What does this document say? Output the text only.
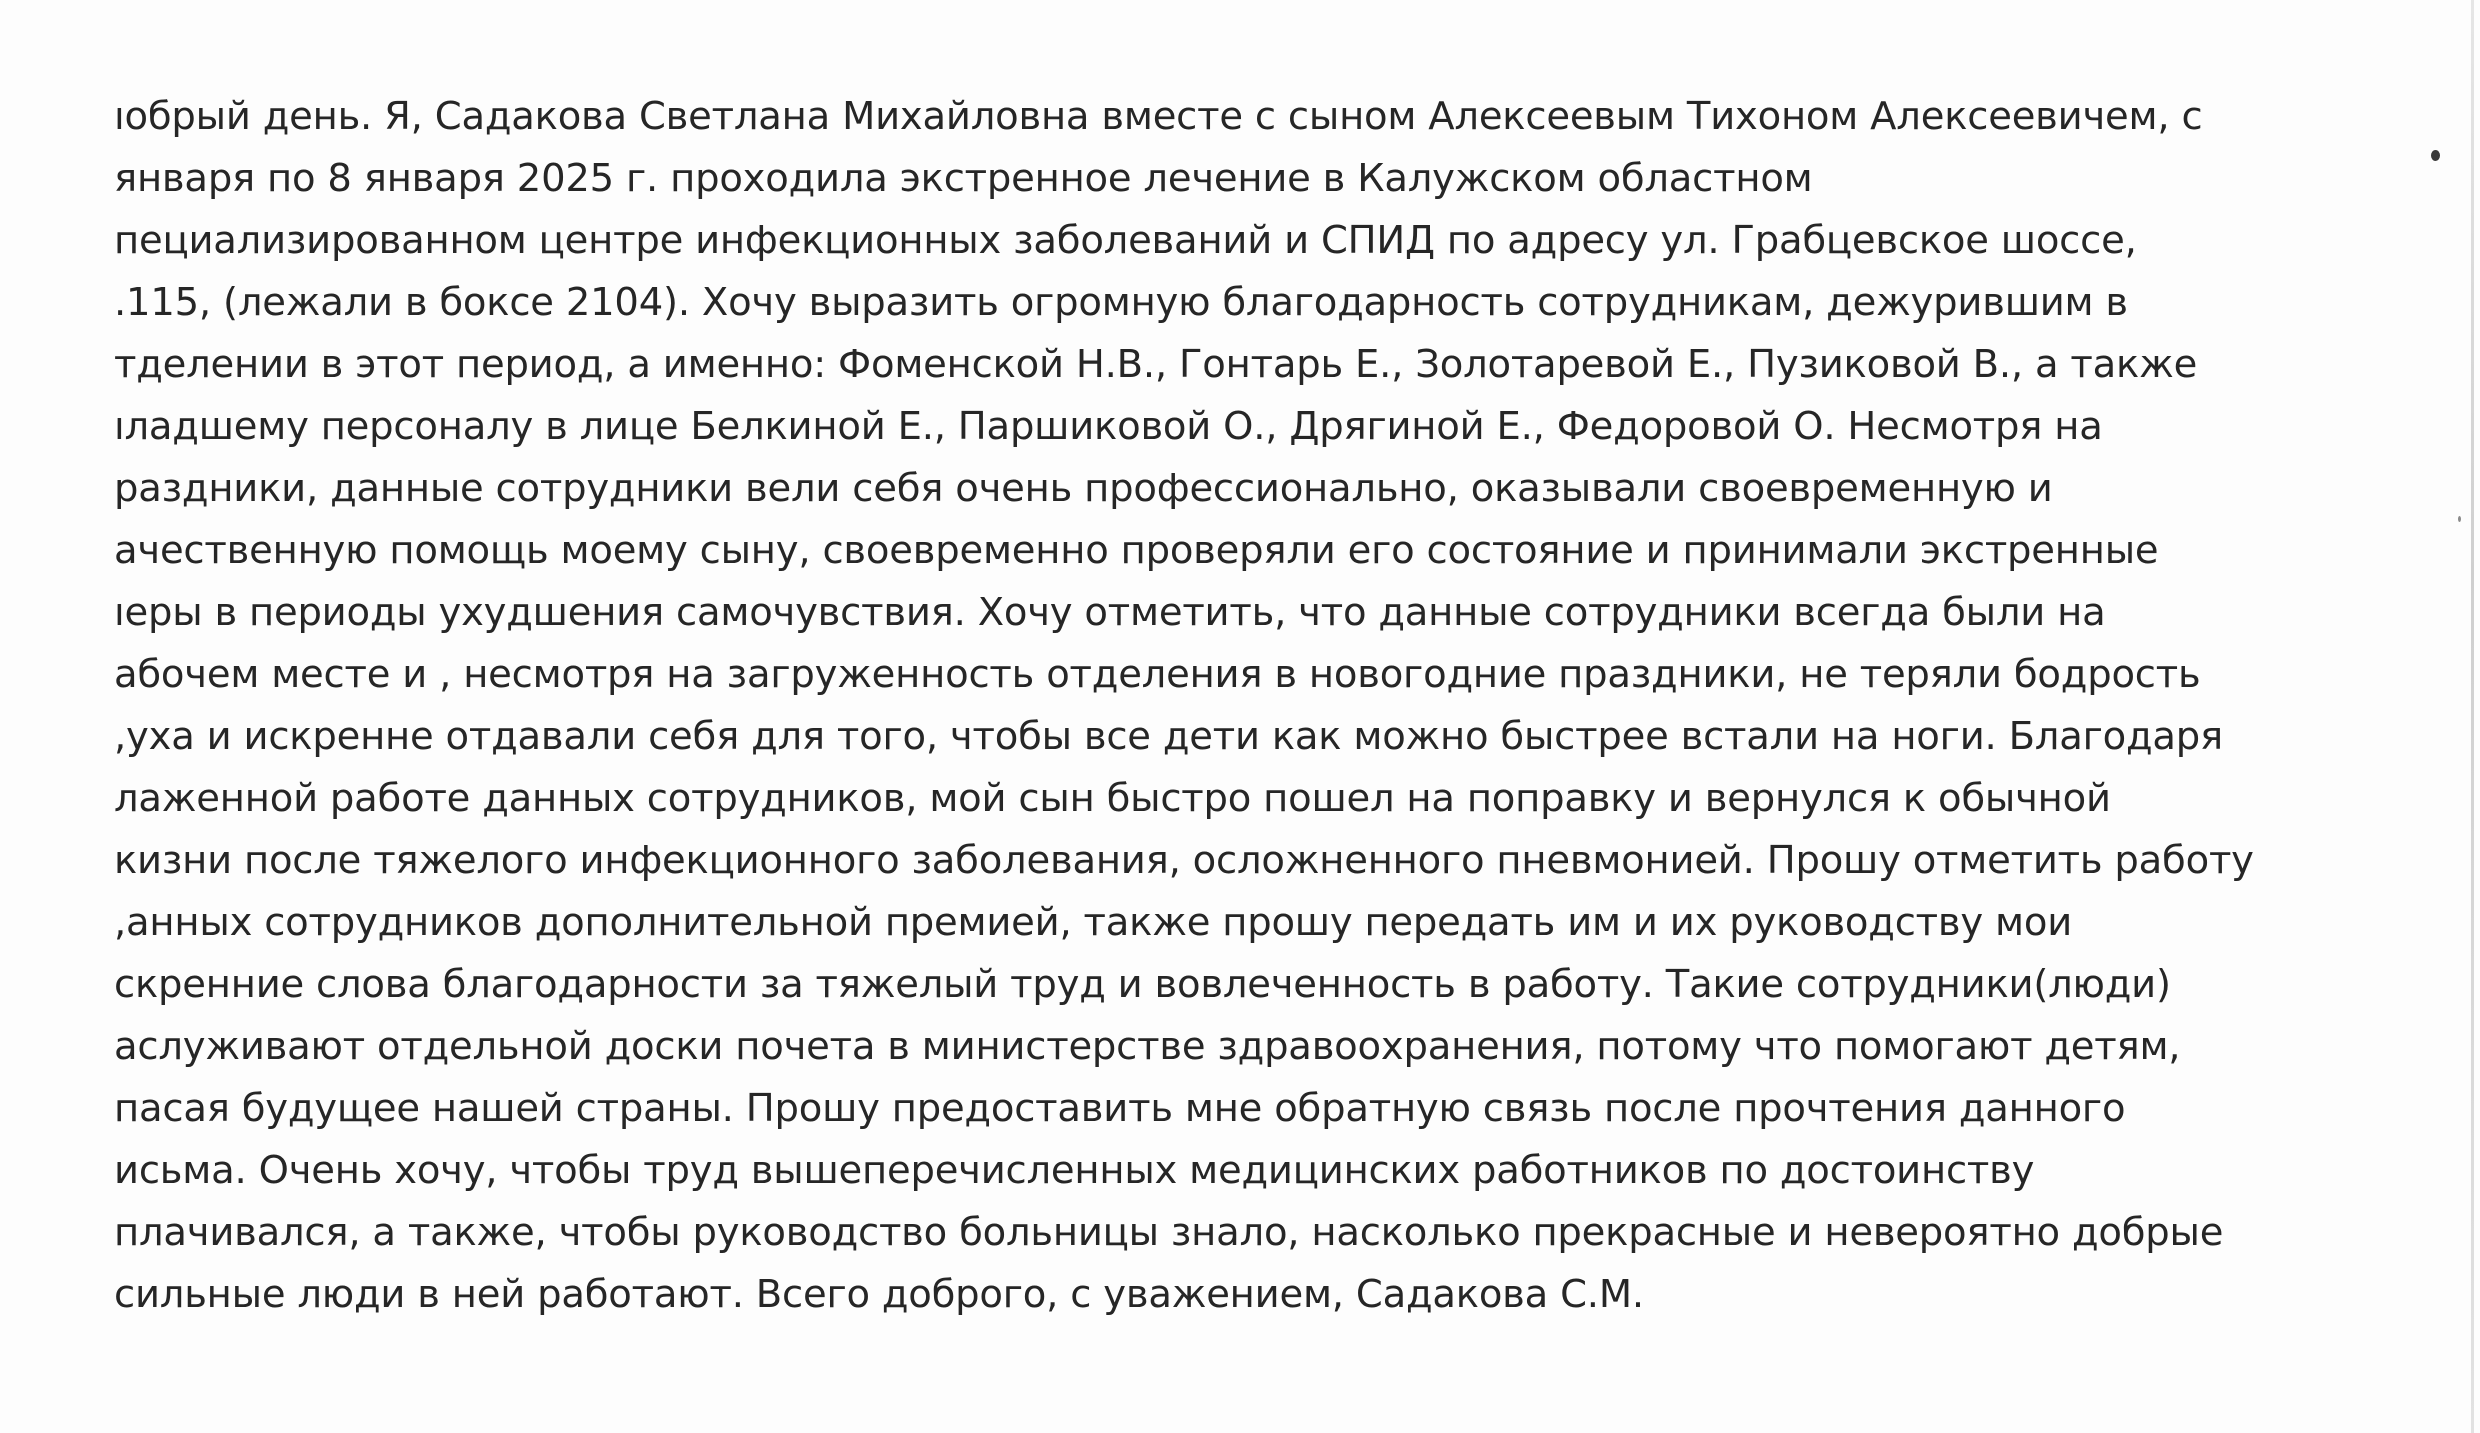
ıобрый день. Я, Садакова Светлана Михайловна вместе с сыном Алексеевым Тихоном Алексеевичем, с
января по 8 января 2025 г. проходила экстренное лечение в Калужском областном
пециализированном центре инфекционных заболеваний и СПИД по адресу ул. Грабцевское шоссе,
.115, (лежали в боксе 2104). Хочу выразить огромную благодарность сотрудникам, дежурившим в
тделении в этот период, а именно: Фоменской Н.В., Гонтарь Е., Золотаревой Е., Пузиковой В., а также
ıладшему персоналу в лице Белкиной Е., Паршиковой О., Дрягиной Е., Федоровой О. Несмотря на
раздники, данные сотрудники вели себя очень профессионально, оказывали своевременную и
ачественную помощь моему сыну, своевременно проверяли его состояние и принимали экстренные
ıеры в периоды ухудшения самочувствия. Хочу отметить, что данные сотрудники всегда были на
абочем месте и , несмотря на загруженность отделения в новогодние праздники, не теряли бодрость
,уха и искренне отдавали себя для того, чтобы все дети как можно быстрее встали на ноги. Благодаря
лаженной работе данных сотрудников, мой сын быстро пошел на поправку и вернулся к обычной
кизни после тяжелого инфекционного заболевания, осложненного пневмонией. Прошу отметить работу
,анных сотрудников дополнительной премией, также прошу передать им и их руководству мои
скренние слова благодарности за тяжелый труд и вовлеченность в работу. Такие сотрудники(люди)
аслуживают отдельной доски почета в министерстве здравоохранения, потому что помогают детям,
пасая будущее нашей страны. Прошу предоставить мне обратную связь после прочтения данного
исьма. Очень хочу, чтобы труд вышеперечисленных медицинских работников по достоинству
плачивался, а также, чтобы руководство больницы знало, насколько прекрасные и невероятно добрые
сильные люди в ней работают. Всего доброго, с уважением, Садакова С.М.
